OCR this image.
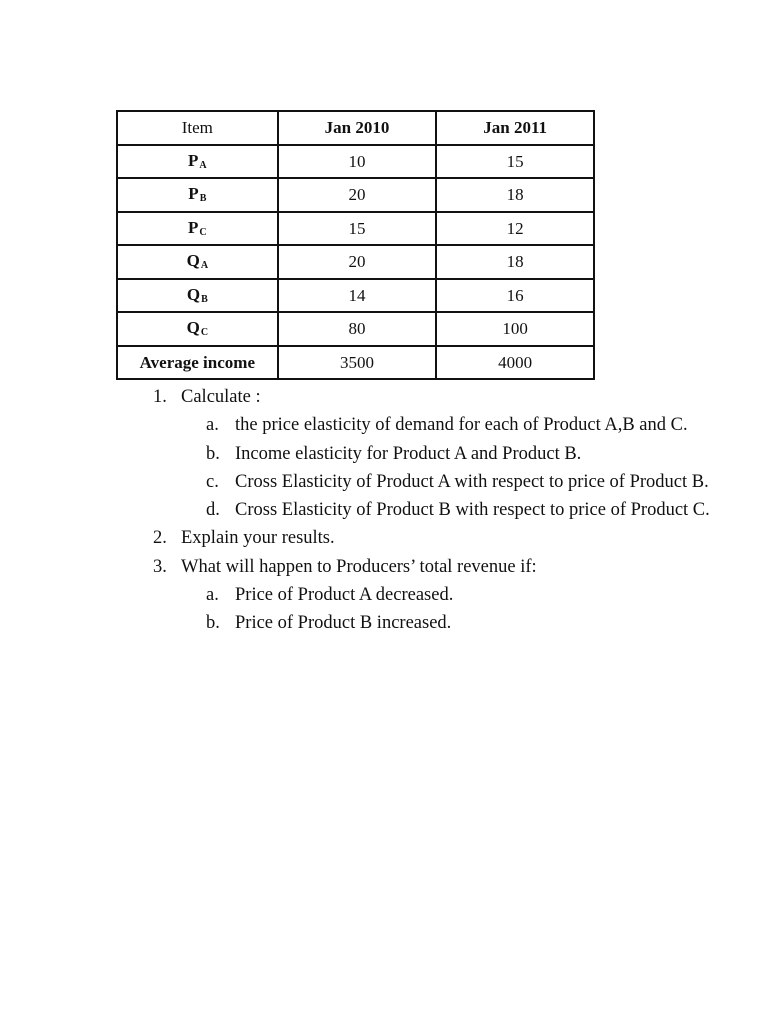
Item	Jan 2010	Jan 2011
$P_A$	10	15
$P_B$	20	18
$P_C$	15	12
$Q_A$	20	18
$Q_B$	14	16
$Q_C$	80	100
Average income	3500	4000
1. Calculate :
a. the price elasticity of demand for each of Product A,B and C.
b. Income elasticity for Product A and Product B.
c. Cross Elasticity of Product A with respect to price of Product B.
d. Cross Elasticity of Product B with respect to price of Product C.
2. Explain your results.
3. What will happen to Producers’ total revenue if:
a. Price of Product A decreased.
b. Price of Product B increased.
